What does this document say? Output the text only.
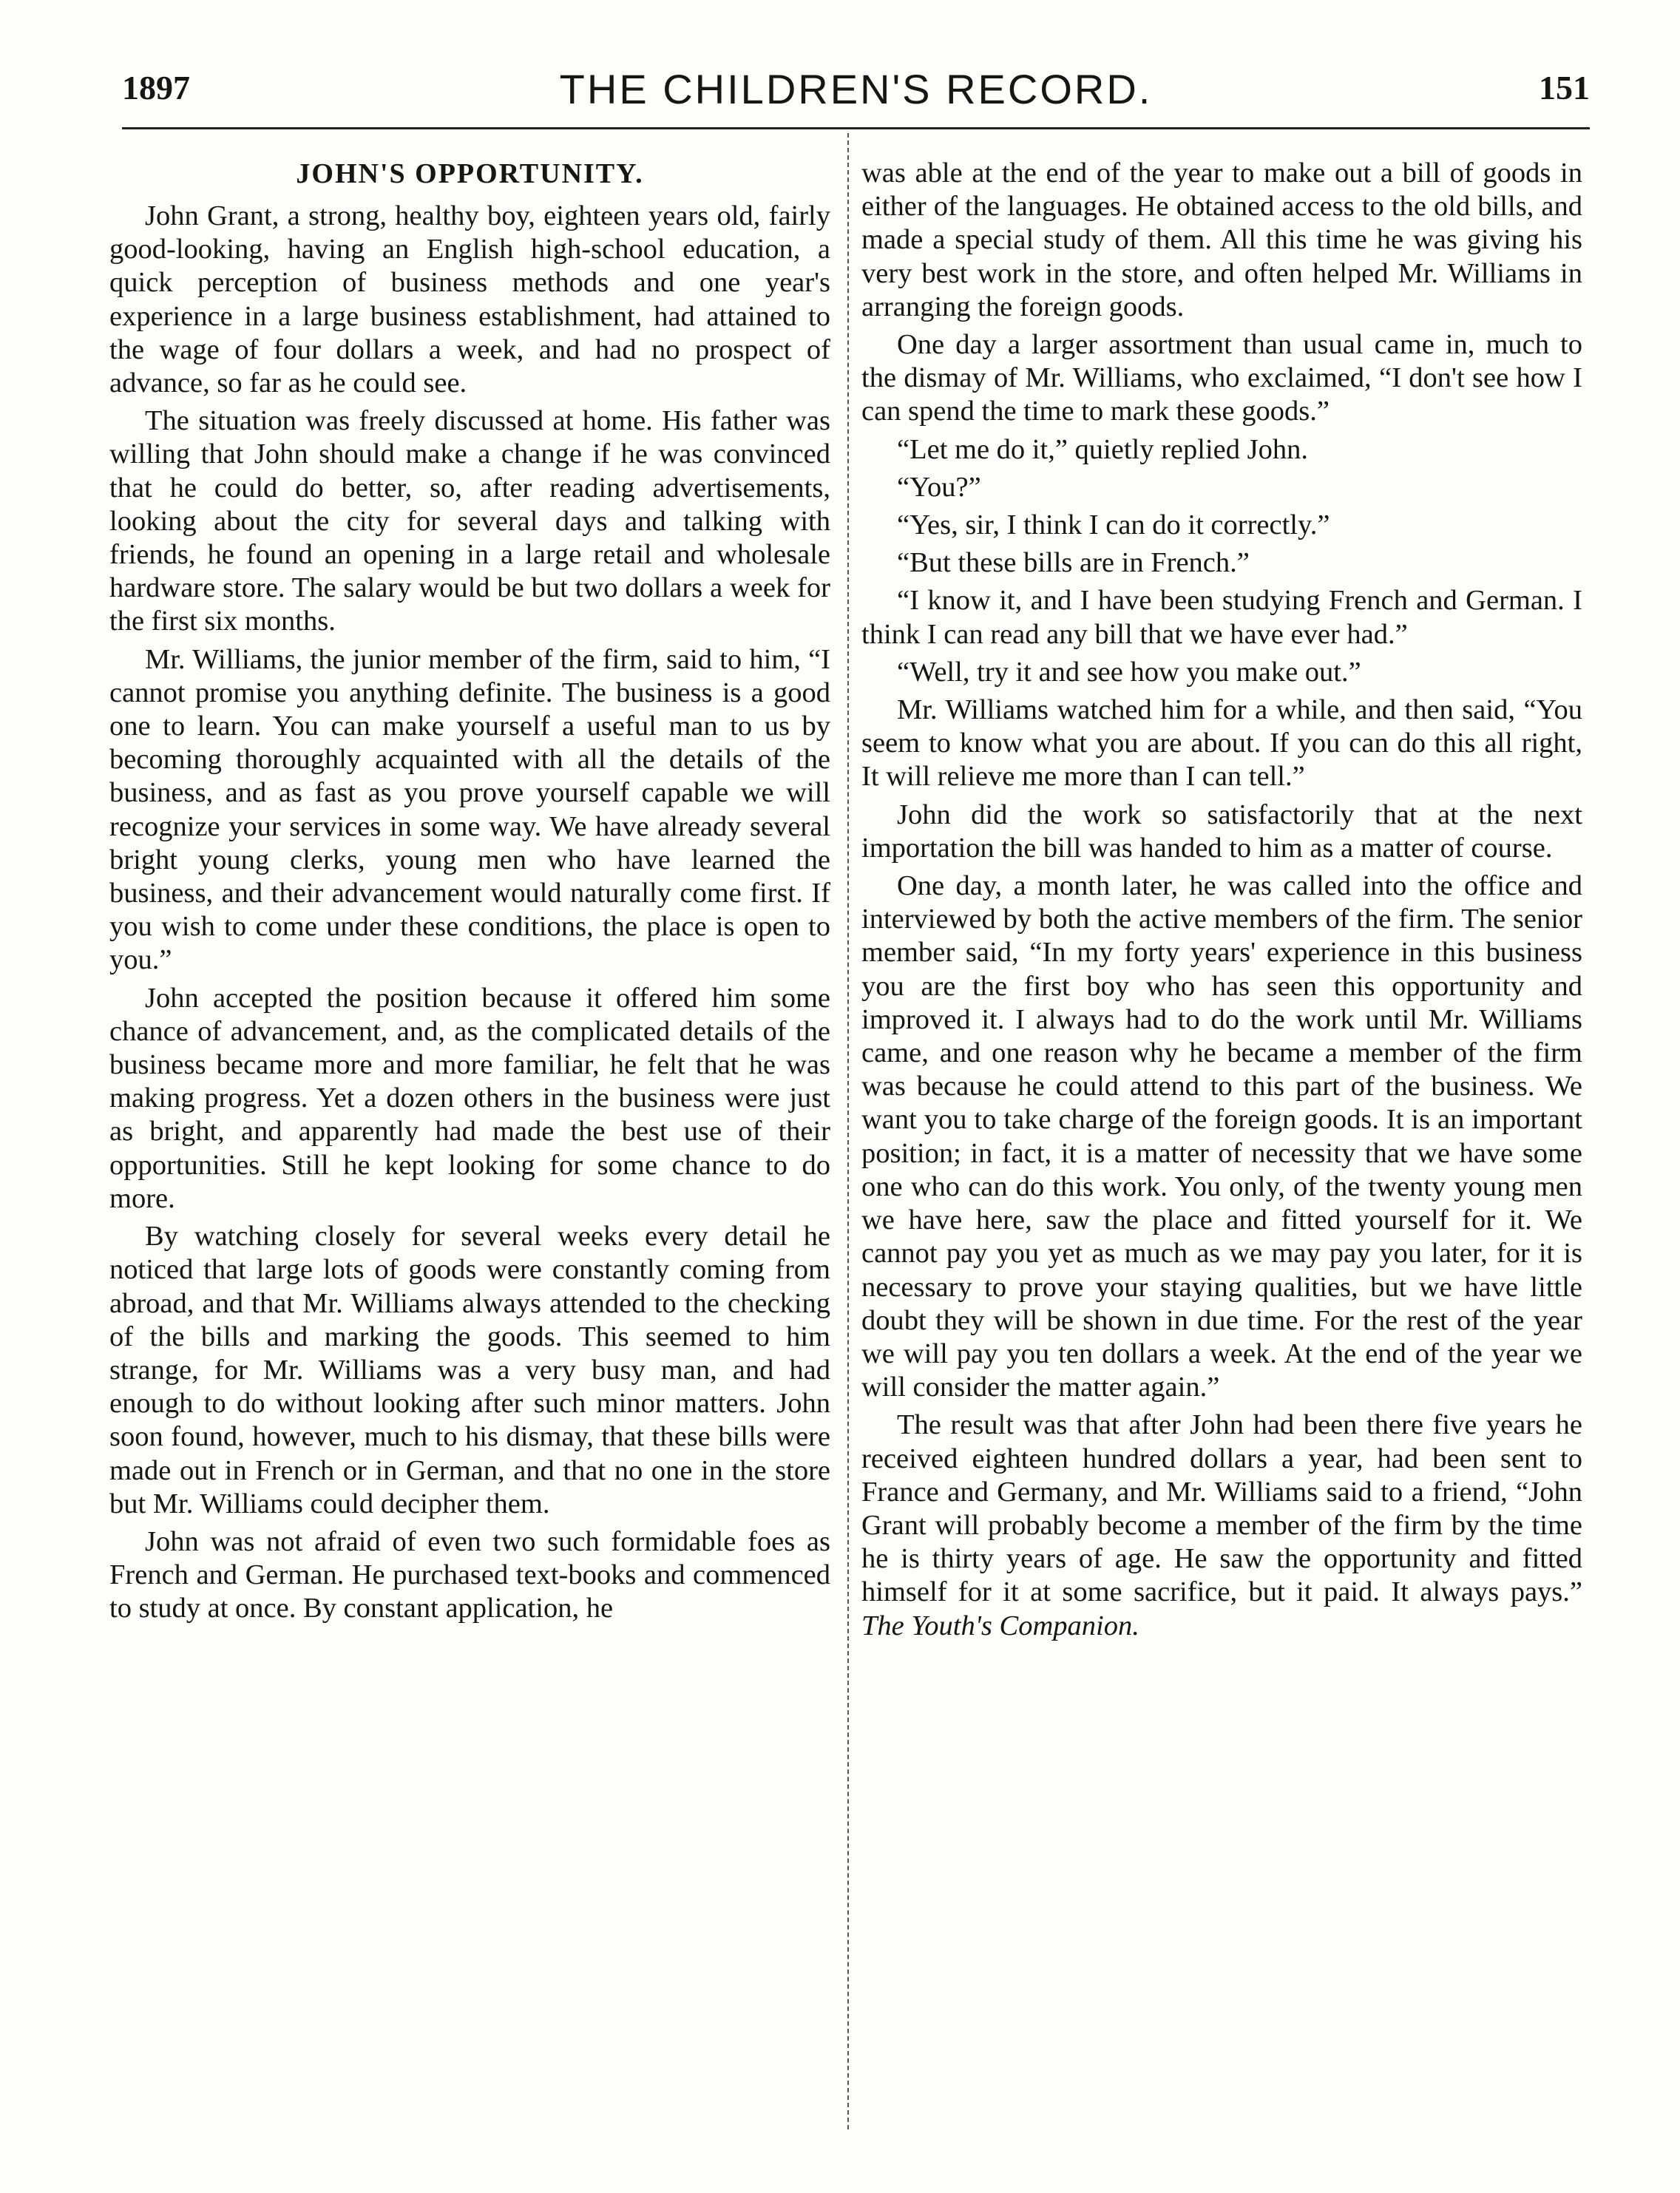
1897	THE CHILDREN'S RECORD.	151
JOHN'S OPPORTUNITY.

John Grant, a strong, healthy boy, eighteen years old, fairly good-looking, having an English high-school education, a quick perception of business methods and one year's experience in a large business establishment, had attained to the wage of four dollars a week, and had no prospect of advance, so far as he could see.

The situation was freely discussed at home. His father was willing that John should make a change if he was convinced that he could do better, so, after reading advertisements, looking about the city for several days and talking with friends, he found an opening in a large retail and wholesale hardware store. The salary would be but two dollars a week for the first six months.

Mr. Williams, the junior member of the firm, said to him, “I cannot promise you anything definite. The business is a good one to learn. You can make yourself a useful man to us by becoming thoroughly acquainted with all the details of the business, and as fast as you prove yourself capable we will recognize your services in some way. We have already several bright young clerks, young men who have learned the business, and their advancement would naturally come first. If you wish to come under these conditions, the place is open to you.”

John accepted the position because it offered him some chance of advancement, and, as the complicated details of the business became more and more familiar, he felt that he was making progress. Yet a dozen others in the business were just as bright, and apparently had made the best use of their opportunities. Still he kept looking for some chance to do more.

By watching closely for several weeks every detail he noticed that large lots of goods were constantly coming from abroad, and that Mr. Williams always attended to the checking of the bills and marking the goods. This seemed to him strange, for Mr. Williams was a very busy man, and had enough to do without looking after such minor matters. John soon found, however, much to his dismay, that these bills were made out in French or in German, and that no one in the store but Mr. Williams could decipher them.

John was not afraid of even two such formidable foes as French and German. He purchased text-books and commenced to study at once. By constant application, he

was able at the end of the year to make out a bill of goods in either of the languages. He obtained access to the old bills, and made a special study of them. All this time he was giving his very best work in the store, and often helped Mr. Williams in arranging the foreign goods.

One day a larger assortment than usual came in, much to the dismay of Mr. Williams, who exclaimed, “I don't see how I can spend the time to mark these goods.”

“Let me do it,” quietly replied John.

“You?”

“Yes, sir, I think I can do it correctly.”

“But these bills are in French.”

“I know it, and I have been studying French and German. I think I can read any bill that we have ever had.”

“Well, try it and see how you make out.”

Mr. Williams watched him for a while, and then said, “You seem to know what you are about. If you can do this all right, It will relieve me more than I can tell.”

John did the work so satisfactorily that at the next importation the bill was handed to him as a matter of course.

One day, a month later, he was called into the office and interviewed by both the active members of the firm. The senior member said, “In my forty years' experience in this business you are the first boy who has seen this opportunity and improved it. I always had to do the work until Mr. Williams came, and one reason why he became a member of the firm was because he could attend to this part of the business. We want you to take charge of the foreign goods. It is an important position; in fact, it is a matter of necessity that we have some one who can do this work. You only, of the twenty young men we have here, saw the place and fitted yourself for it. We cannot pay you yet as much as we may pay you later, for it is necessary to prove your staying qualities, but we have little doubt they will be shown in due time. For the rest of the year we will pay you ten dollars a week. At the end of the year we will consider the matter again.”

The result was that after John had been there five years he received eighteen hundred dollars a year, had been sent to France and Germany, and Mr. Williams said to a friend, “John Grant will probably become a member of the firm by the time he is thirty years of age. He saw the opportunity and fitted himself for it at some sacrifice, but it paid. It always pays.” The Youth's Companion.
